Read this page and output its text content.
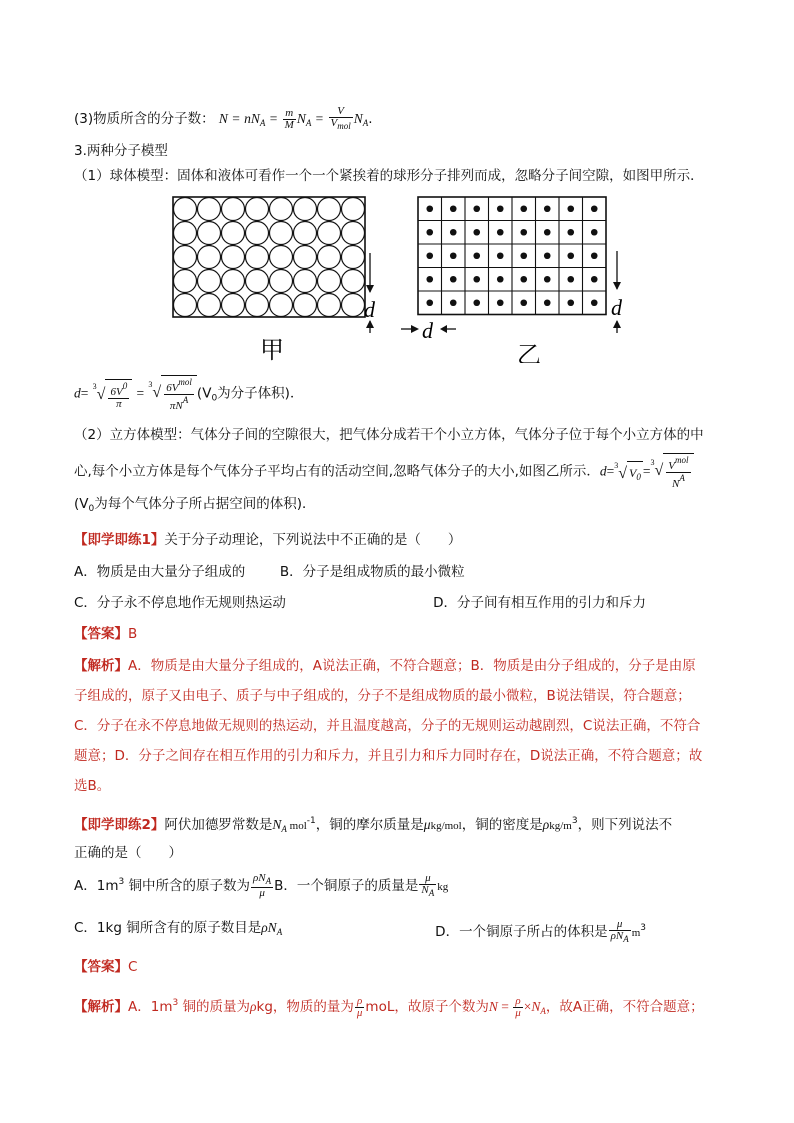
(3)物质所含的分子数： $N = nN_A = \frac{m}{M} N_A = \frac{V}{V_{mol}} N_A$.
3.两种分子模型
（1）球体模型：固体和液体可看作一个一个紧挨着的球形分子排列而成，忽略分子间空隙，如图甲所示．
d	d
d
甲	乙
$d= ^3√ \frac{6V^0}{\pi} = ^3√ \frac{6V^{mol}}{\pi N^A} (V_0$为分子体积)．
（2）立方体模型：气体分子间的空隙很大，把气体分成若干个小立方体，气体分子位于每个小立方体的中
心,每个小立方体是每个气体分子平均占有的活动空间,忽略气体分子的大小,如图乙所示．d=$^3$√ $V_0 =^3√ \frac{V^{mol}}{N^A}$
($V_0$为每个气体分子所占据空间的体积)．
【即学即练1】关于分子动理论，下列说法中不正确的是（　　）
A．物质是由大量分子组成的	B．分子是组成物质的最小微粒
C．分子永不停息地作无规则热运动	D．分子间有相互作用的引力和斥力
【答案】B
【解析】A．物质是由大量分子组成的，A说法正确，不符合题意；B．物质是由分子组成的，分子是由原
子组成的，原子又由电子、质子与中子组成的，分子不是组成物质的最小微粒，B说法错误，符合题意；
C．分子在永不停息地做无规则的热运动，并且温度越高，分子的无规则运动越剧烈，C说法正确，不符合
题意；D．分子之间存在相互作用的引力和斥力，并且引力和斥力同时存在，D说法正确，不符合题意；故
选B。
【即学即练2】阿伏加德罗常数是$N_A$ mol$^{-1}$，铜的摩尔质量是μkg/mol，铜的密度是ρkg/$m^3$，则下列说法不
正确的是（　　）
A．$1m^3$ 铜中所含的原子数为 $\frac{\rho N_A}{\mu}$ B．一个铜原子的质量是 $\frac{\mu}{N_A}$ kg
C．1kg 铜所含有的原子数目是$\rho N_A$	D．一个铜原子所占的体积是 $\frac{\mu}{\rho N_A} m^3$
【答案】C
【解析】A．$1m^3$ 铜的质量为ρkg，物质的量为 $\frac{\rho}{\mu}$ moL，故原子个数为$N = \frac{\rho}{\mu} \times N_A$，故A正确，不符合题意；
